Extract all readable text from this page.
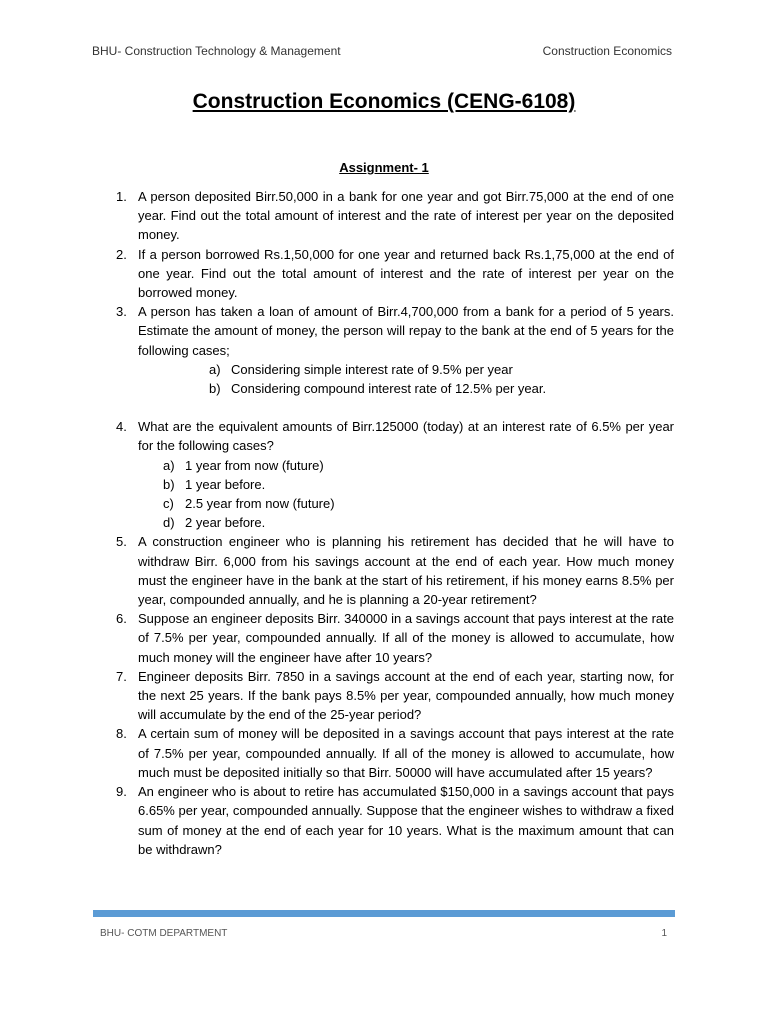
BHU- Construction Technology & Management	Construction Economics
Construction Economics (CENG-6108)
Assignment- 1
1. A person deposited Birr.50,000 in a bank for one year and got Birr.75,000 at the end of one year. Find out the total amount of interest and the rate of interest per year on the deposited money.
2. If a person borrowed Rs.1,50,000 for one year and returned back Rs.1,75,000 at the end of one year. Find out the total amount of interest and the rate of interest per year on the borrowed money.
3. A person has taken a loan of amount of Birr.4,700,000 from a bank for a period of 5 years. Estimate the amount of money, the person will repay to the bank at the end of 5 years for the following cases;
a) Considering simple interest rate of 9.5% per year
b) Considering compound interest rate of 12.5% per year.
4. What are the equivalent amounts of Birr.125000 (today) at an interest rate of 6.5% per year for the following cases?
a) 1 year from now (future)
b) 1 year before.
c) 2.5 year from now (future)
d) 2 year before.
5. A construction engineer who is planning his retirement has decided that he will have to withdraw Birr. 6,000 from his savings account at the end of each year. How much money must the engineer have in the bank at the start of his retirement, if his money earns 8.5% per year, compounded annually, and he is planning a 20-year retirement?
6. Suppose an engineer deposits Birr. 340000 in a savings account that pays interest at the rate of 7.5% per year, compounded annually. If all of the money is allowed to accumulate, how much money will the engineer have after 10 years?
7. Engineer deposits Birr. 7850 in a savings account at the end of each year, starting now, for the next 25 years. If the bank pays 8.5% per year, compounded annually, how much money will accumulate by the end of the 25-year period?
8. A certain sum of money will be deposited in a savings account that pays interest at the rate of 7.5% per year, compounded annually. If all of the money is allowed to accumulate, how much must be deposited initially so that Birr. 50000 will have accumulated after 15 years?
9. An engineer who is about to retire has accumulated $150,000 in a savings account that pays 6.65% per year, compounded annually. Suppose that the engineer wishes to withdraw a fixed sum of money at the end of each year for 10 years. What is the maximum amount that can be withdrawn?
BHU- COTM DEPARTMENT	1
